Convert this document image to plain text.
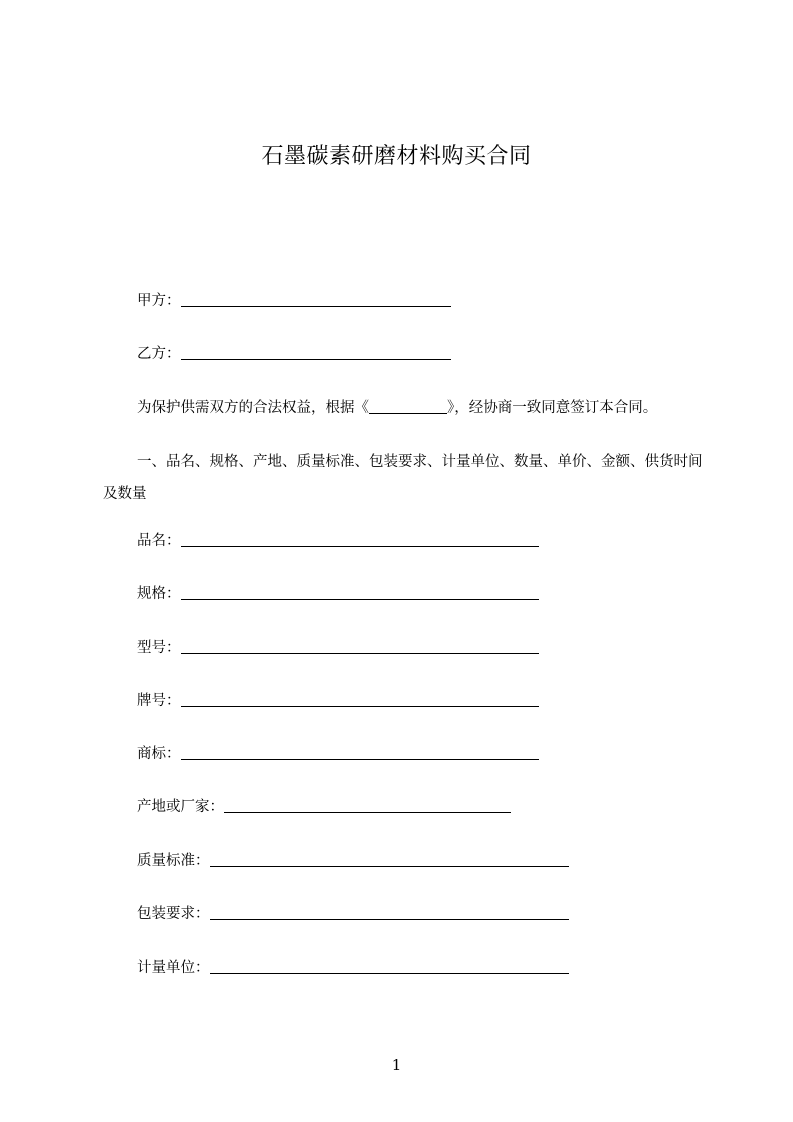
石墨碳素研磨材料购买合同
甲方：
乙方：
为保护供需双方的合法权益，根据《	》，经协商一致同意签订本合同。
一、品名、规格、产地、质量标准、包装要求、计量单位、数量、单价、金额、供货时间及数量
品名：
规格：
型号：
牌号：
商标：
产地或厂家：
质量标准：
包装要求：
计量单位：
1
